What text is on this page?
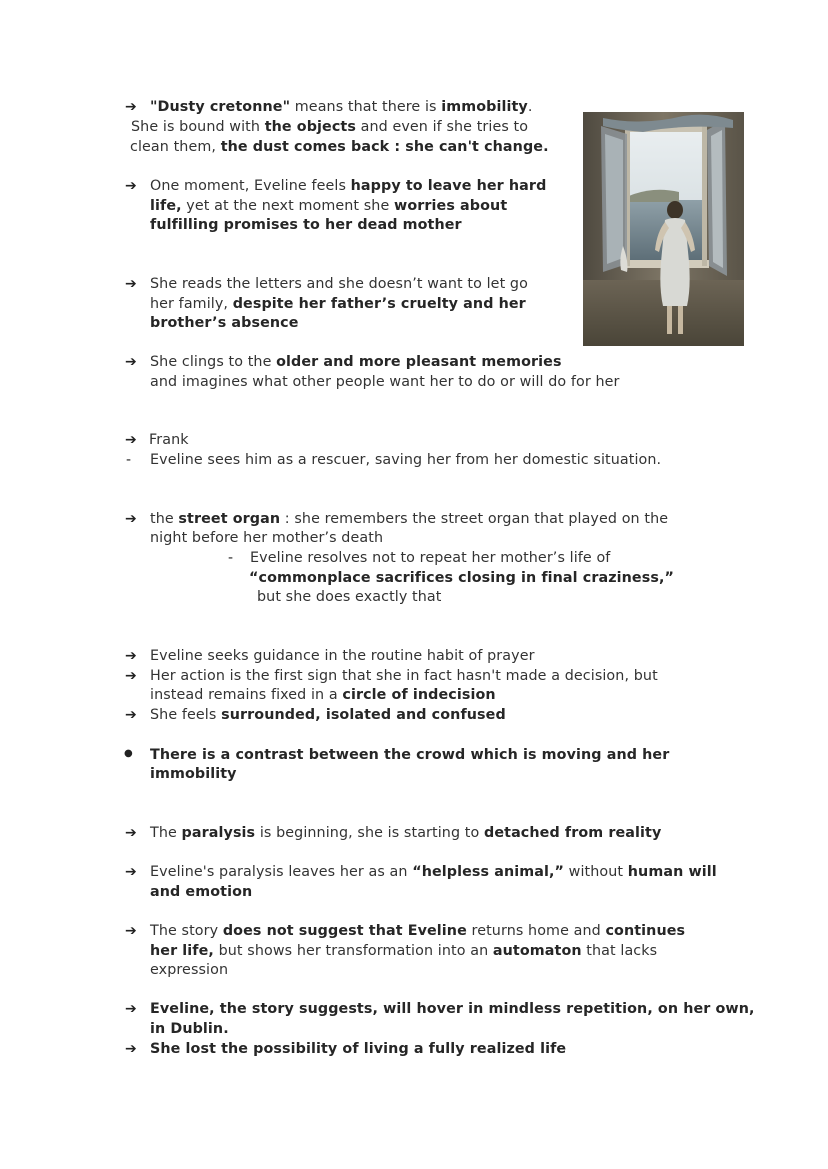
➔ "Dusty cretonne" means that there is immobility.
She is bound with the objects and even if she tries to
clean them, the dust comes back : she can't change.
➔ One moment, Eveline feels happy to leave her hard
life, yet at the next moment she worries about
fulfilling promises to her dead mother
➔ She reads the letters and she doesn’t want to let go
her family, despite her father’s cruelty and her
brother’s absence
➔ She clings to the older and more pleasant memories
and imagines what other people want her to do or will do for her
➔ Frank
- Eveline sees him as a rescuer, saving her from her domestic situation.
➔ the street organ : she remembers the street organ that played on the
night before her mother’s death
- Eveline resolves not to repeat her mother’s life of
“commonplace sacrifices closing in final craziness,”
but she does exactly that
➔ Eveline seeks guidance in the routine habit of prayer
➔ Her action is the first sign that she in fact hasn't made a decision, but
instead remains fixed in a circle of indecision
➔ She feels surrounded, isolated and confused
● There is a contrast between the crowd which is moving and her
immobility
➔ The paralysis is beginning, she is starting to detached from reality
➔ Eveline's paralysis leaves her as an “helpless animal,” without human will
and emotion
➔ The story does not suggest that Eveline returns home and continues
her life, but shows her transformation into an automaton that lacks
expression
➔ Eveline, the story suggests, will hover in mindless repetition, on her own,
in Dublin.
➔ She lost the possibility of living a fully realized life
